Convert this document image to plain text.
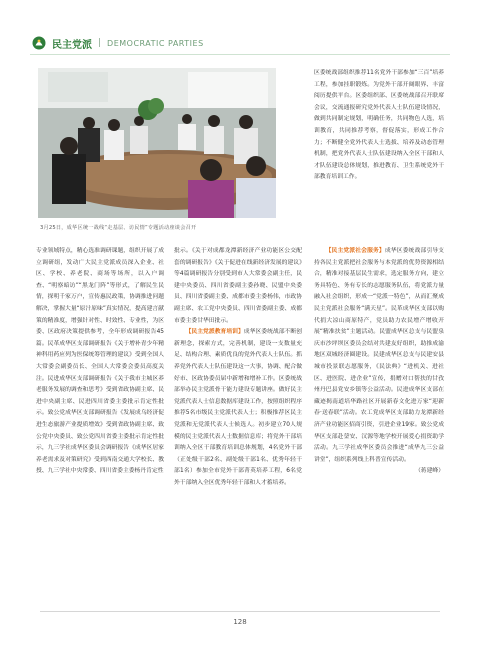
民主党派 | DEMOCRATIC PARTIES
3月25日，成华区统一战线“走基层、访民情”专题活动座谈会召开

区委统战部组织推荐11名党外干部参加“三百”培养工程，参加挂职锻炼。为党外干部开阔眼界、丰富阅历提供平台。区委组织部、区委统战部召开联席会议，交流通报研究党外代表人士队伍建设情况，做到共同制定规划，明确任务，共同物色人选，培训教育，共同推荐考察，督促落实，形成工作合力；不断健全党外代表人士选拔、培养及动态管理机制，把党外代表人士队伍建设纳入全区干部和人才队伍建设总体规划，推进教育、卫生系统党外干部教育培训工作。

专业领域特点，精心选准调研课题，组织开展了成立调研组，发动广大民主党派成员深入企业、社区、学校、养老院、商场等场所，以入户调查、“明察暗访”“黑龙门阵”等形式，了解民生民情，探明千家万户，宣传惠民政策，协调推进问题解决，掌握大量“原汁原味”真实情况，提高建言献策的精准度，增强针对性、时效性、专业性，为区委、区政府决策提供参考，全年形成调研报告45篇。民革成华区支部调研报告《关于增补青少年精神科用药应列为医保统筹管理的建议》受到全国人大常委会副委员长、全国人大常委会委员高度关注。民进成华区支部调研报告《关于我市主城区养老服务发展的调查和思考》受到省政协副主席、民进中央副主席、民进四川省委主委批示肯定性批示。致公党成华区支部调研报告《发展成乌经济促进生态旅游产业提质增效》受到省政协副主席、致公党中央委员、致公党四川省委主委批示肯定性批示，九三学社成华区委员会调研报告《成华区居家养老需求及对策研究》受到西南交通大学校长、教授、九三学社中央常委、四川省委主委杨丹肯定性

批示。《关于对成都龙潭新经济产业功能区公交配套的调研报告》《关于促进在线新经济发展的建议》等4篇调研报告分别受到市人大常委会副主任，民建中央委员、四川省委副主委孙晓、民盟中央委员、四川省委副主委、成都市委主委杨伟，市政协副主席、农工党中央委员、四川省委副主委、成都市委主委甘华田批示。

【民主党派教育培训】成华区委统战部不断创新理念，探索方式，完善机制，建设一支数量充足、结构合理、素质优良的党外代表人士队伍。抓养党外代表人士队伍建设这一大事，协调、配合做好市、区政协委员届中新增和增补工作。区委统战部举办民主党派骨干能力建设专题讲座。做好民主党派代表人士信息数据库建设工作，按照组织程序推荐5名市级民主党派代表人士；积极推荐区民主党派和无党派代表人士候选人。初步建立70人规模的民主党派代表人士数据信息库；将党外干部培训纳入全区干部教育培训总体规划，4名党外干部（正处级干部2名、副处级干部1名、优秀年轻干部1名）参加全市党外干部菁英培养工程，6名党外干部纳入全区优秀年轻干部和人才蓄培养。

【民主党派社会服务】成华区委统战部引导支持各民主党派把社会服务与本党派的优势资源相结合，精准对接基层民生需求，选定服务方向，建立务具特色、务有专长的志愿服务队伍，将党派力量融入社会组织，形成一“党派一特色”，从而汇聚成民主党派社会服务“满天星”。民革成华区支部以购代捐大凉山商原特产，党员助力农民增产增收开展“精准扶贫”主题活动。民盟成华区总支与民盟泉庆市沙坪坝区委员会结对共建友好组织，助推成渝地区双城经济圈建设。民建成华区总支与民建安县城市投景联志愿服务，《民法典》“进机关、进社区、进医院、进企业”宣传，捐赠对口帮扶的甘孜州丹巴县党安乡镇等公益活动。民进成华区支部在藏迹揭南道培华路社区开展新春文化进万家“迎新春·送春联”活动。农工党成华区支部助力龙潭新经济产业功能区招商引资，引进企业19家。致公党成华区支部赴蓥安、汉源等地学校开展爱心捐资助学活动。九三学社成华区委员会推进“成华九三公益讲堂”，组织系列线上科普宣传活动。

（蒋建峰）

128
